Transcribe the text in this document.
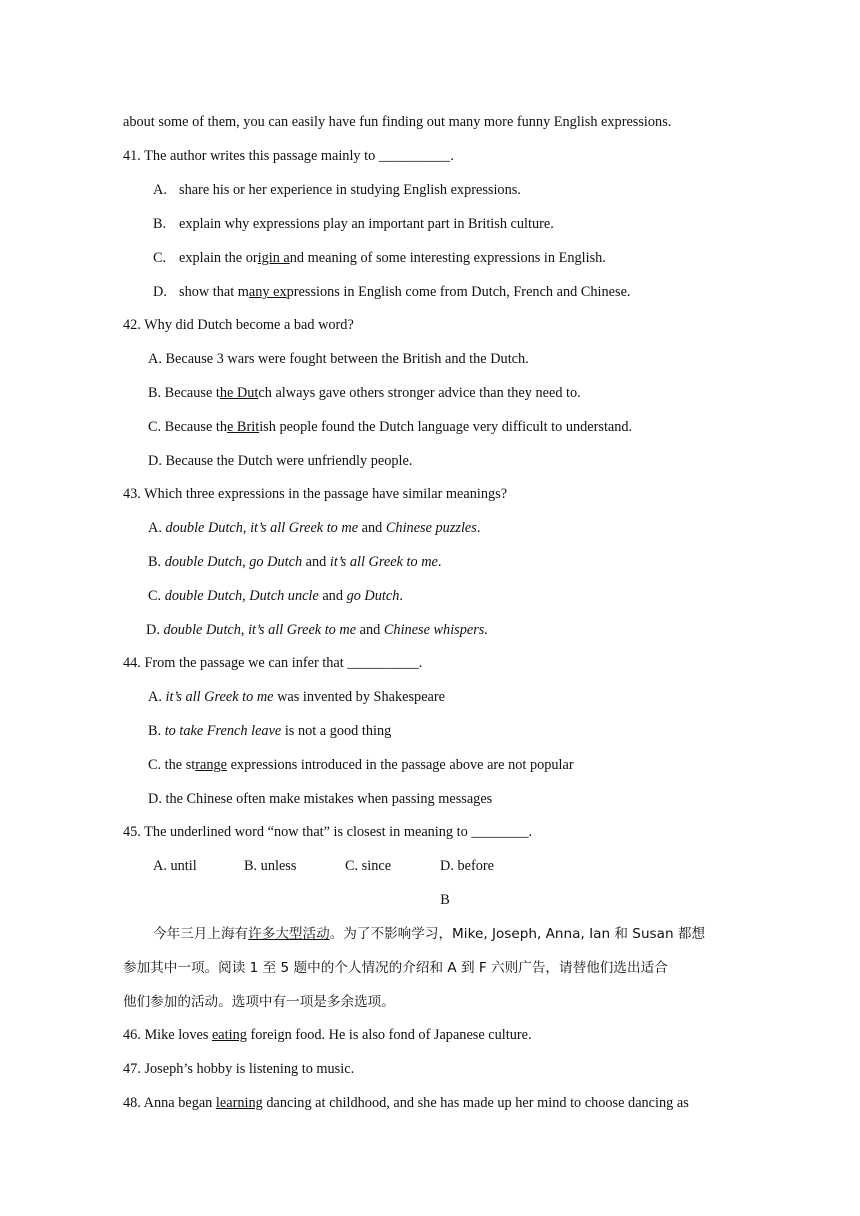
about some of them, you can easily have fun finding out many more funny English expressions.
41. The author writes this passage mainly to __________.
A. share his or her experience in studying English expressions.
B. explain why expressions play an important part in British culture.
C. explain the origin and meaning of some interesting expressions in English.
D. show that many expressions in English come from Dutch, French and Chinese.
42. Why did Dutch become a bad word?
A. Because 3 wars were fought between the British and the Dutch.
B. Because the Dutch always gave others stronger advice than they need to.
C. Because the British people found the Dutch language very difficult to understand.
D. Because the Dutch were unfriendly people.
43. Which three expressions in the passage have similar meanings?
A. double Dutch, it’s all Greek to me and Chinese puzzles.
B. double Dutch, go Dutch and it’s all Greek to me.
C. double Dutch, Dutch uncle and go Dutch.
D. double Dutch, it’s all Greek to me and Chinese whispers.
44. From the passage we can infer that __________.
A. it’s all Greek to me was invented by Shakespeare
B. to take French leave is not a good thing
C. the strange expressions introduced in the passage above are not popular
D. the Chinese often make mistakes when passing messages
45. The underlined word “now that” is closest in meaning to ________.
A. until	B. unless	C. since	D. before
B
今年三月上海有许多大型活动。为了不影响学习，Mike, Joseph, Anna, Ian 和 Susan 都想
参加其中一项。阅读 1 至 5 题中的个人情况的介绍和 A 到 F 六则广告，请替他们选出适合
他们参加的活动。选项中有一项是多余选项。
46. Mike loves eating foreign food. He is also fond of Japanese culture.
47. Joseph’s hobby is listening to music.
48. Anna began learning dancing at childhood, and she has made up her mind to choose dancing as
